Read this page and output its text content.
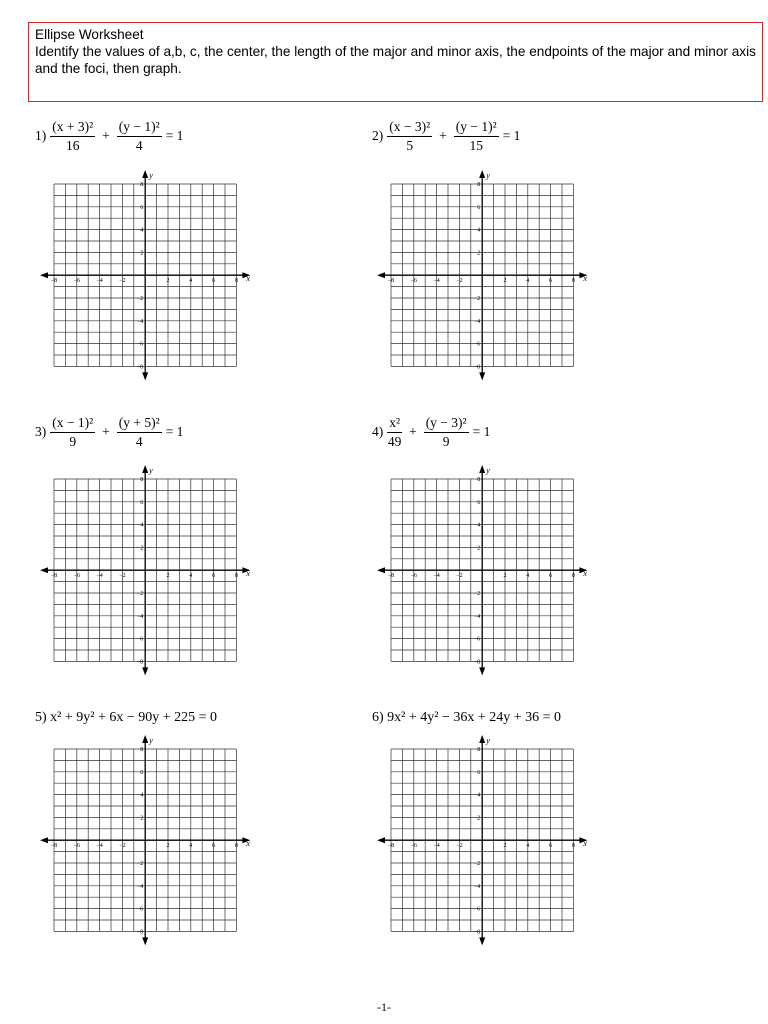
Ellipse Worksheet
Identify the values of a,b, c, the center, the length of the major and minor axis, the endpoints of the major and minor axis and the foci, then graph.
$1) \frac{\text{(x + 3)²}}{16} + \frac{\text{(y − 1)²}}{4} = 1$	$2) \frac{\text{(x − 3)²}}{5} + \frac{\text{(y − 1)²}}{15} = 1$
$3) \frac{\text{(x − 1)²}}{9} + \frac{\text{(y + 5)²}}{4} = 1$	$4) \frac{\text{x²}}{49} + \frac{\text{(y − 3)²}}{9} = 1$
5) x² + 9y² + 6x − 90y + 225 = 0	6) 9x² + 4y² − 36x + 24y + 36 = 0
x
y
−8	−6	−4	−2	2	4	6	8
8
6
4
2
−2
−4
−6
−8
x
y
−8	−6	−4	−2	2	4	6	8
8
6
4
2
−2
−4
−6
−8
x
y
−8	−6	−4	−2	2	4	6	8
8
6
4
2
−2
−4
−6
−8
x
y
−8	−6	−4	−2	2	4	6	8
8
6
4
2
−2
−4
−6
−8
x
y
−8	−6	−4	−2	2	4	6	8
8
6
4
2
−2
−4
−6
−8
x
y
−8	−6	−4	−2	2	4	6	8
8
6
4
2
−2
−4
−6
−8
-1-
